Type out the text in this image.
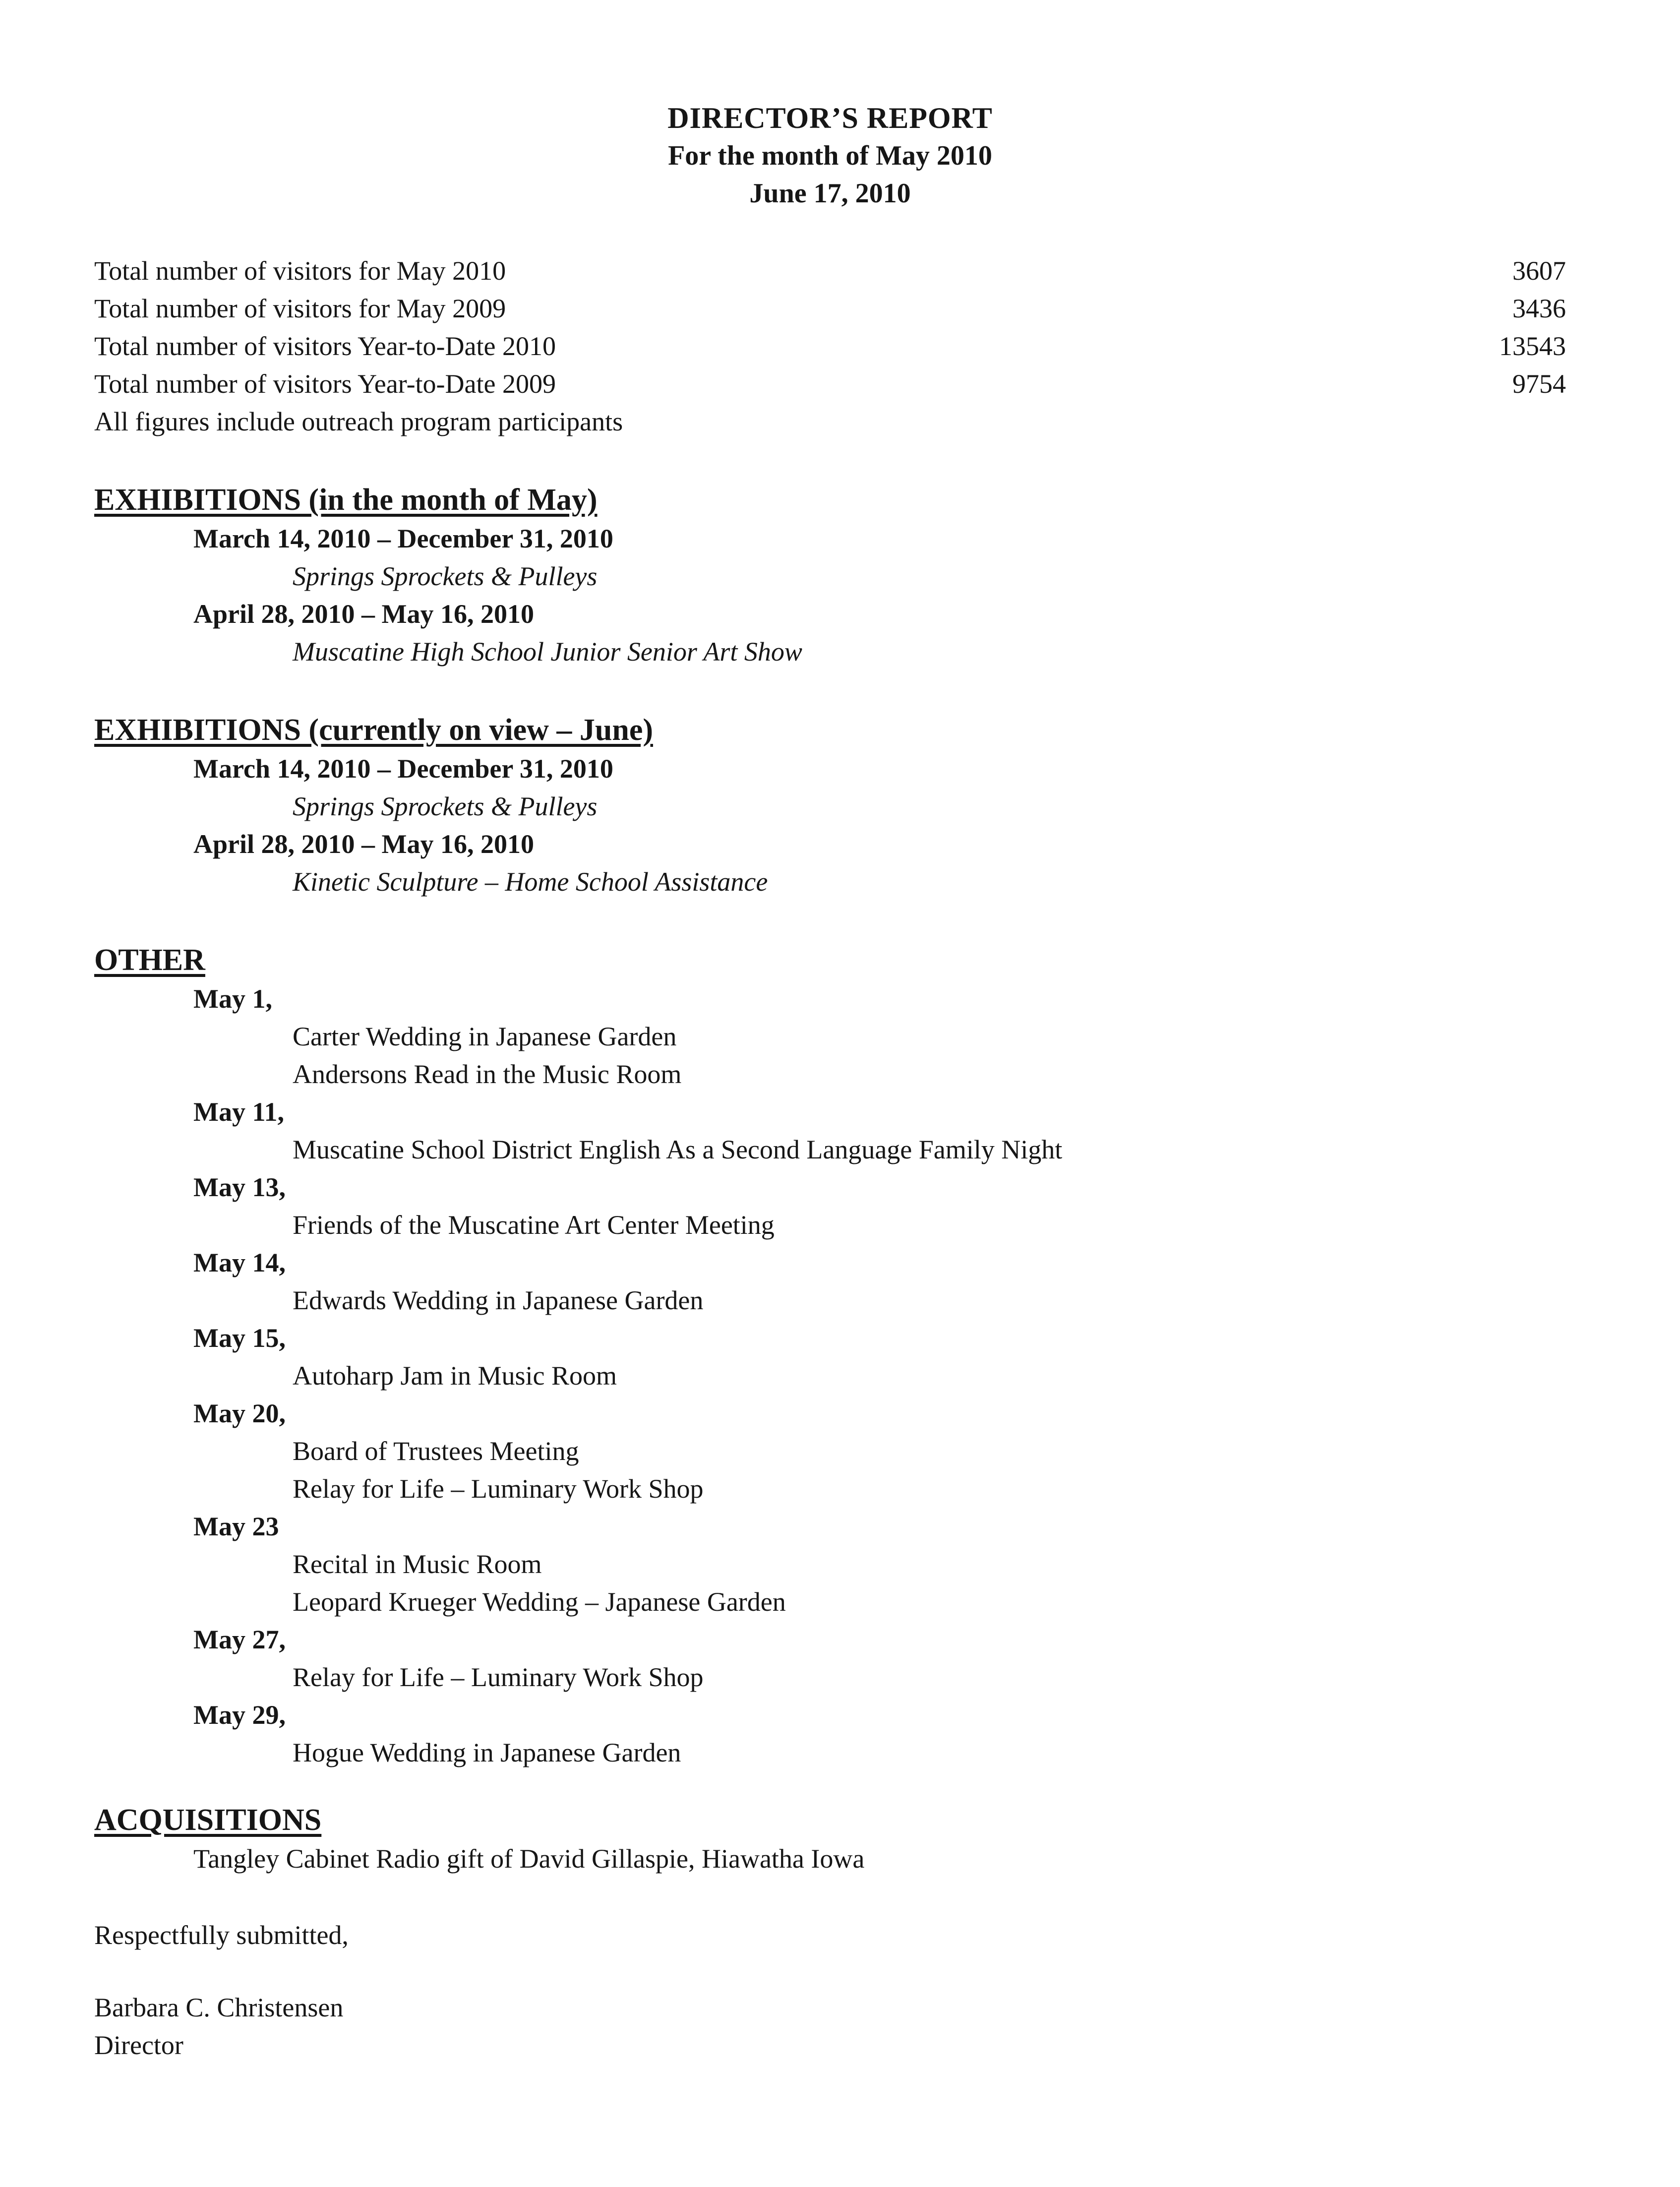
DIRECTOR’S REPORT
For the month of May 2010
June 17, 2010
Total number of visitors for May 2010	3607
Total number of visitors for May 2009	3436
Total number of visitors Year-to-Date 2010	13543
Total number of visitors Year-to-Date 2009	9754
All figures include outreach program participants
EXHIBITIONS (in the month of May)
March 14, 2010 – December 31, 2010
Springs Sprockets & Pulleys
April 28, 2010 – May 16, 2010
Muscatine High School Junior Senior Art Show
EXHIBITIONS (currently on view – June)
March 14, 2010 – December 31, 2010
Springs Sprockets & Pulleys
April 28, 2010 – May 16, 2010
Kinetic Sculpture – Home School Assistance
OTHER
May 1,
Carter Wedding in Japanese Garden
Andersons Read in the Music Room
May 11,
Muscatine School District English As a Second Language Family Night
May 13,
Friends of the Muscatine Art Center Meeting
May 14,
Edwards Wedding in Japanese Garden
May 15,
Autoharp Jam in Music Room
May 20,
Board of Trustees Meeting
Relay for Life – Luminary Work Shop
May 23
Recital in Music Room
Leopard Krueger Wedding – Japanese Garden
May 27,
Relay for Life – Luminary Work Shop
May 29,
Hogue Wedding in Japanese Garden
ACQUISITIONS
Tangley Cabinet Radio gift of David Gillaspie, Hiawatha Iowa
Respectfully submitted,
Barbara C. Christensen
Director
